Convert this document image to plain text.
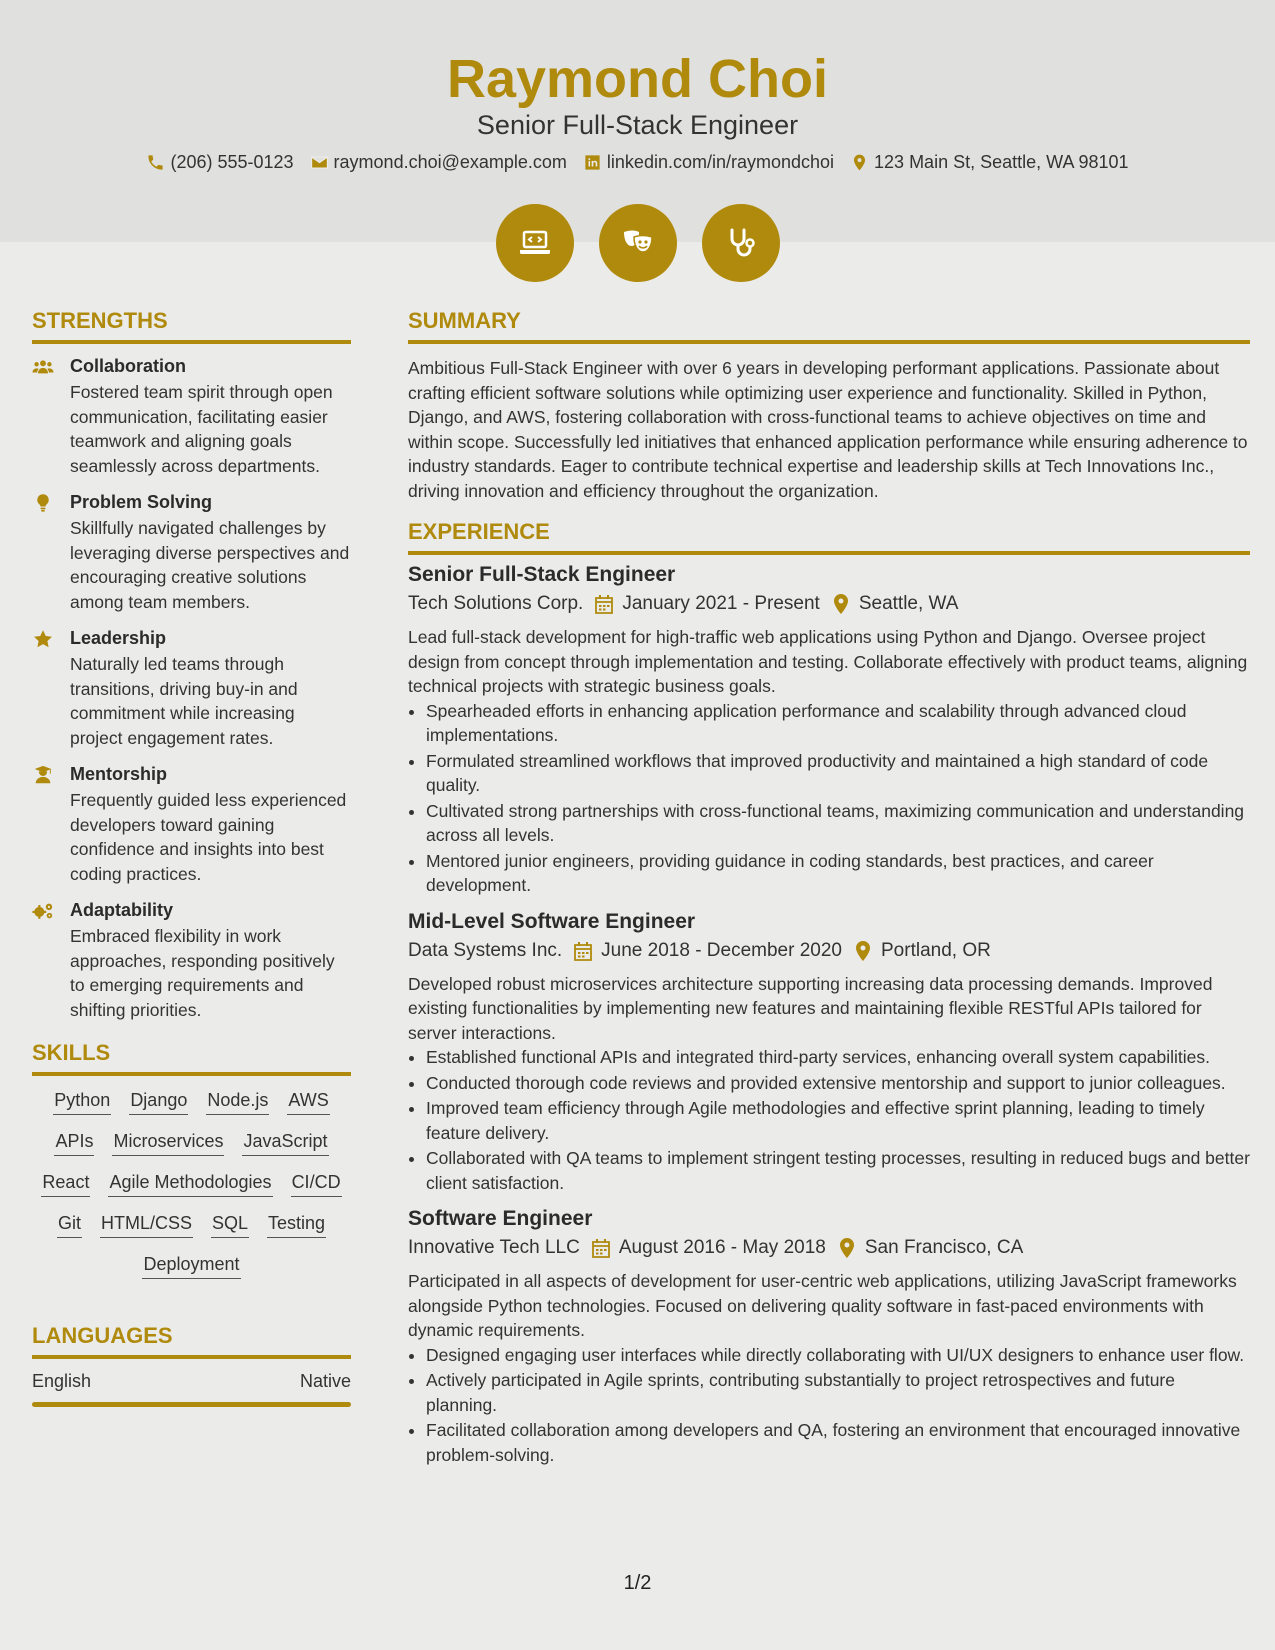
Raymond Choi
Senior Full-Stack Engineer
(206) 555-0123 raymond.choi@example.com linkedin.com/in/raymondchoi 123 Main St, Seattle, WA 98101
STRENGTHS
Collaboration

Fostered team spirit through open communication, facilitating easier teamwork and aligning goals seamlessly across departments.

Problem Solving

Skillfully navigated challenges by leveraging diverse perspectives and encouraging creative solutions among team members.

Leadership

Naturally led teams through transitions, driving buy-in and commitment while increasing project engagement rates.

Mentorship

Frequently guided less experienced developers toward gaining confidence and insights into best coding practices.

Adaptability

Embraced flexibility in work approaches, responding positively to emerging requirements and shifting priorities.

SKILLS
Python Django Node.js AWS
APIs Microservices JavaScript
React Agile Methodologies CI/CD
Git HTML/CSS SQL Testing
Deployment
LANGUAGES
English	Native
SUMMARY

Ambitious Full-Stack Engineer with over 6 years in developing performant applications. Passionate about crafting efficient software solutions while optimizing user experience and functionality. Skilled in Python, Django, and AWS, fostering collaboration with cross-functional teams to achieve objectives on time and within scope. Successfully led initiatives that enhanced application performance while ensuring adherence to industry standards. Eager to contribute technical expertise and leadership skills at Tech Innovations Inc., driving innovation and efficiency throughout the organization.

EXPERIENCE
Senior Full-Stack Engineer
Tech Solutions Corp. January 2021 - Present Seattle, WA

Lead full-stack development for high-traffic web applications using Python and Django. Oversee project design from concept through implementation and testing. Collaborate effectively with product teams, aligning technical projects with strategic business goals.

• Spearheaded efforts in enhancing application performance and scalability through advanced cloud implementations.
• Formulated streamlined workflows that improved productivity and maintained a high standard of code quality.
• Cultivated strong partnerships with cross-functional teams, maximizing communication and understanding across all levels.
• Mentored junior engineers, providing guidance in coding standards, best practices, and career development.
Mid-Level Software Engineer
Data Systems Inc. June 2018 - December 2020 Portland, OR

Developed robust microservices architecture supporting increasing data processing demands. Improved existing functionalities by implementing new features and maintaining flexible RESTful APIs tailored for server interactions.

• Established functional APIs and integrated third-party services, enhancing overall system capabilities.
• Conducted thorough code reviews and provided extensive mentorship and support to junior colleagues.
• Improved team efficiency through Agile methodologies and effective sprint planning, leading to timely feature delivery.
• Collaborated with QA teams to implement stringent testing processes, resulting in reduced bugs and better client satisfaction.
Software Engineer
Innovative Tech LLC August 2016 - May 2018 San Francisco, CA

Participated in all aspects of development for user-centric web applications, utilizing JavaScript frameworks alongside Python technologies. Focused on delivering quality software in fast-paced environments with dynamic requirements.

• Designed engaging user interfaces while directly collaborating with UI/UX designers to enhance user flow.
• Actively participated in Agile sprints, contributing substantially to project retrospectives and future planning.
• Facilitated collaboration among developers and QA, fostering an environment that encouraged innovative problem-solving.
1/2
